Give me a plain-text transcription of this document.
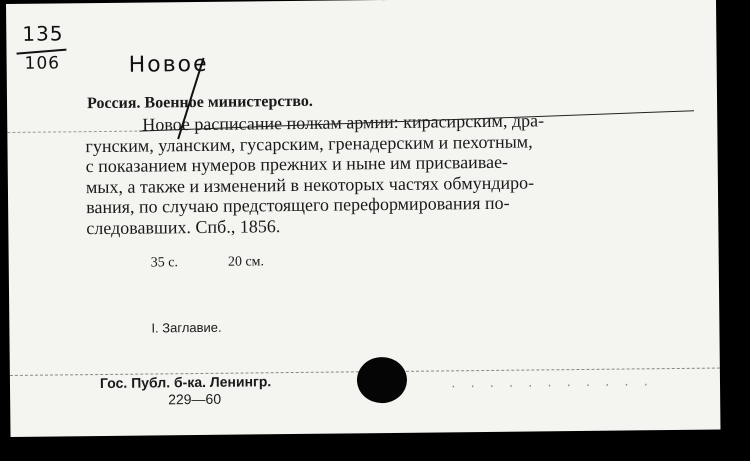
135
106	Новое
Россия. Военное министерство.
Новое расписание полкам армии: кирасирским, дра-
гунским, уланским, гусарским, гренадерским и пехотным,
с показанием нумеров прежних и ныне им присваивае-
мых, а также и изменений в некоторых частях обмундиро-
вания, по случаю предстоящего переформирования по-
следовавших. Спб., 1856.
35 с.	20 см.
I. Заглавие.
Гос. Публ. б-ка. Ленингр.
229—60
· · · · · · · · · · ·
